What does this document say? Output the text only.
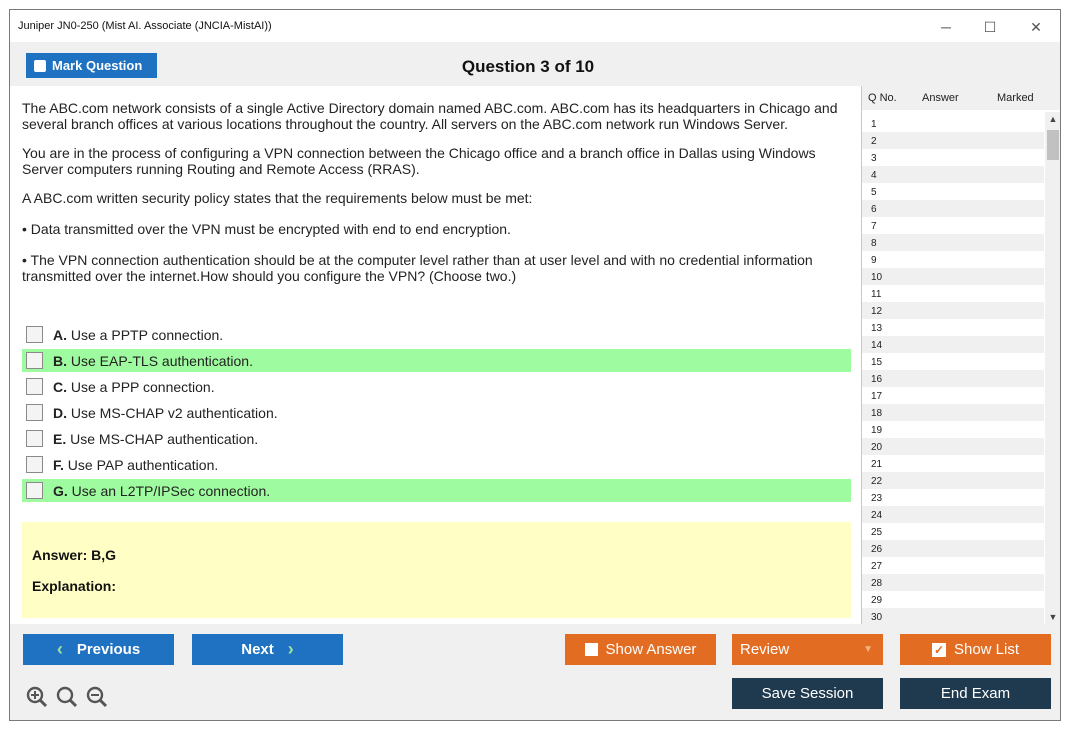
Juniper JN0-250 (Mist AI. Associate (JNCIA-MistAI))	─	☐	✕
Mark Question	Question 3 of 10

The ABC.com network consists of a single Active Directory domain named ABC.com. ABC.com has its headquarters in Chicago and several branch offices at various locations throughout the country. All servers on the ABC.com network run Windows Server.

You are in the process of configuring a VPN connection between the Chicago office and a branch office in Dallas using Windows Server computers running Routing and Remote Access (RRAS).

A ABC.com written security policy states that the requirements below must be met:

• Data transmitted over the VPN must be encrypted with end to end encryption.

• The VPN connection authentication should be at the computer level rather than at user level and with no credential information transmitted over the internet.How should you configure the VPN? (Choose two.)

A.
Use a PPTP connection.
B.
Use EAP-TLS authentication.
C.
Use a PPP connection.
D.
Use MS-CHAP v2 authentication.
E.
Use MS-CHAP authentication.
F.
Use PAP authentication.
G.
Use an L2TP/IPSec connection.
Answer: B,G
Explanation:
Q No. Answer	Marked
1
2
3
4
5
6
7
8
9
10
11
12
13
14
15
16
17
18
19
20
21
22
23
24
25
26
27
28
29
30
▲
▼
‹ Previous	Next ›	Show Answer	Review	▼	✓ Show List
Save Session	End Exam
